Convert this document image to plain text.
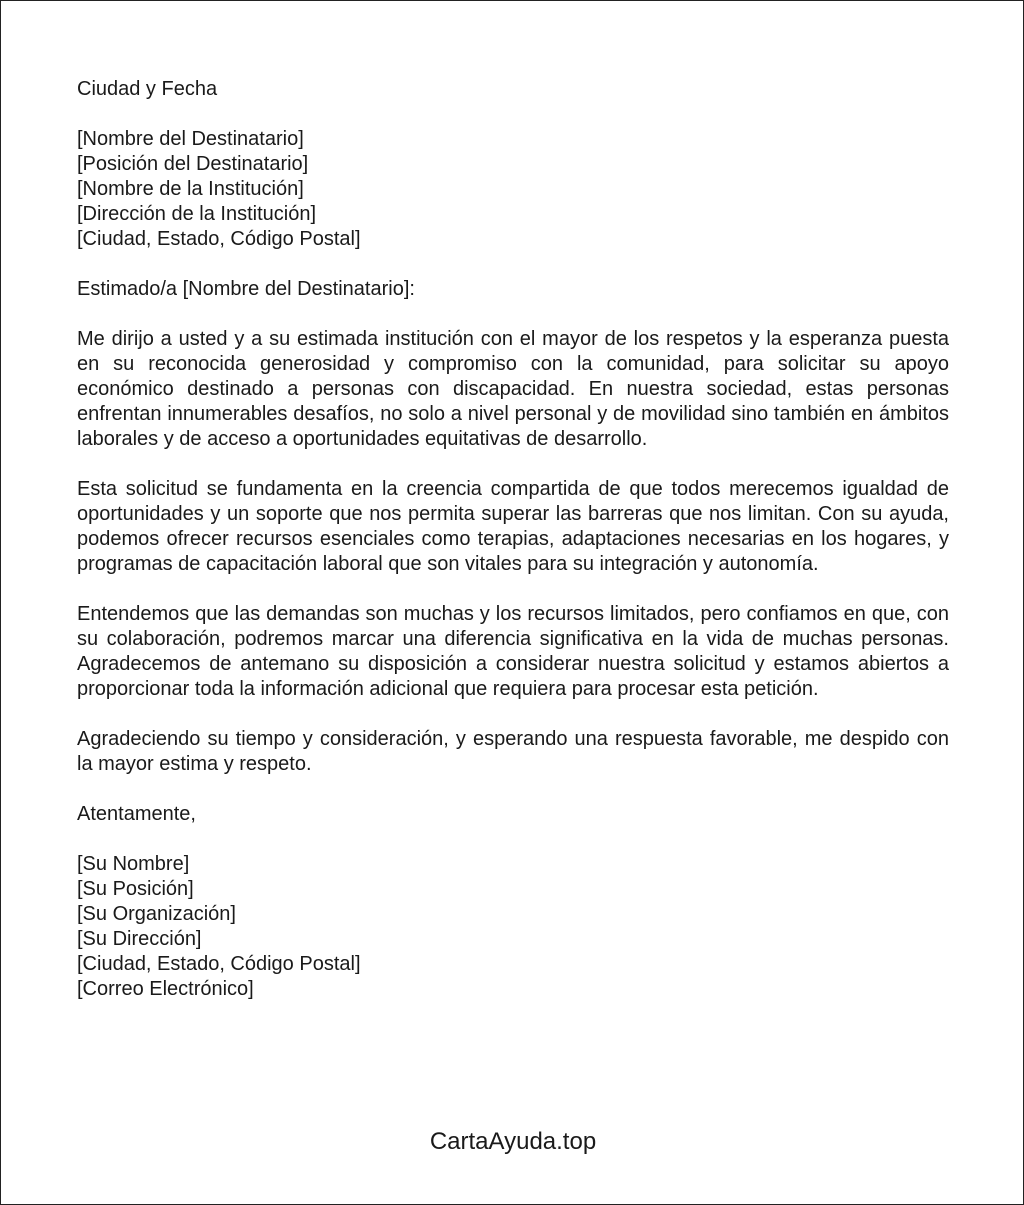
Ciudad y Fecha
[Nombre del Destinatario]
[Posición del Destinatario]
[Nombre de la Institución]
[Dirección de la Institución]
[Ciudad, Estado, Código Postal]
Estimado/a [Nombre del Destinatario]:

Me dirijo a usted y a su estimada institución con el mayor de los respetos y la esperanza puesta en su reconocida generosidad y compromiso con la comunidad, para solicitar su apoyo económico destinado a personas con discapacidad. En nuestra sociedad, estas personas enfrentan innumerables desafíos, no solo a nivel personal y de movilidad sino también en ámbitos laborales y de acceso a oportunidades equitativas de desarrollo.

Esta solicitud se fundamenta en la creencia compartida de que todos merecemos igualdad de oportunidades y un soporte que nos permita superar las barreras que nos limitan. Con su ayuda, podemos ofrecer recursos esenciales como terapias, adaptaciones necesarias en los hogares, y programas de capacitación laboral que son vitales para su integración y autonomía.

Entendemos que las demandas son muchas y los recursos limitados, pero confiamos en que, con su colaboración, podremos marcar una diferencia significativa en la vida de muchas personas. Agradecemos de antemano su disposición a considerar nuestra solicitud y estamos abiertos a proporcionar toda la información adicional que requiera para procesar esta petición.

Agradeciendo su tiempo y consideración, y esperando una respuesta favorable, me despido con la mayor estima y respeto.

Atentamente,
[Su Nombre]
[Su Posición]
[Su Organización]
[Su Dirección]
[Ciudad, Estado, Código Postal]
[Correo Electrónico]
CartaAyuda.top
